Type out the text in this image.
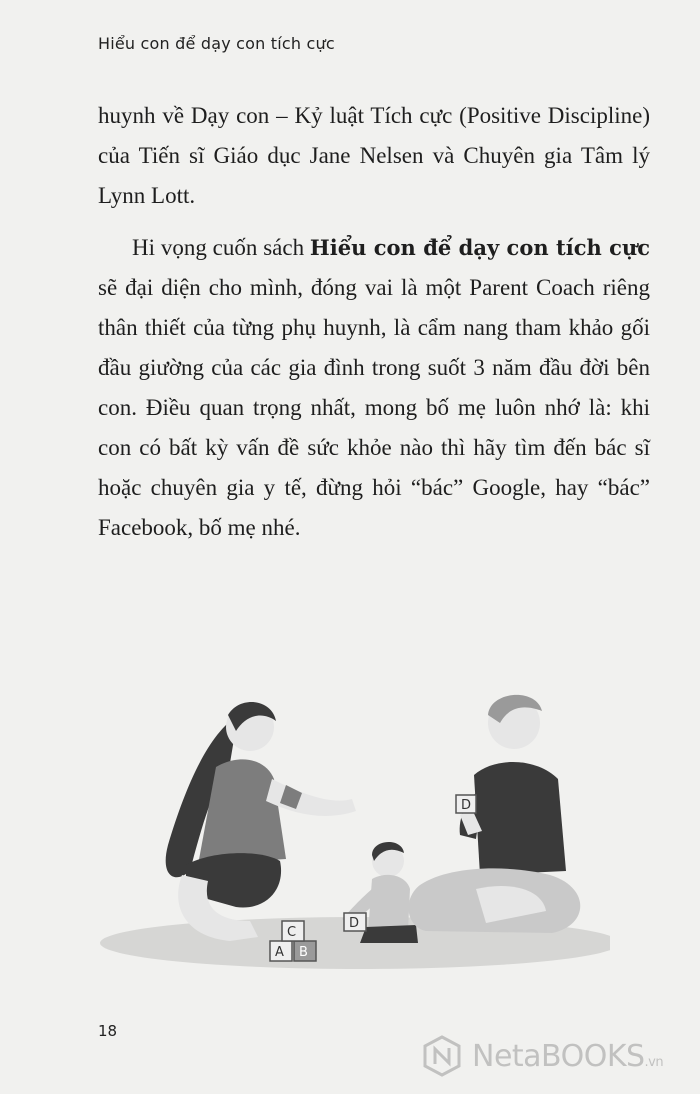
Hiểu con để dạy con tích cực

huynh về Dạy con – Kỷ luật Tích cực (Positive Discipline) của Tiến sĩ Giáo dục Jane Nelsen và Chuyên gia Tâm lý Lynn Lott.

Hi vọng cuốn sách Hiểu con để dạy con tích cực sẽ đại diện cho mình, đóng vai là một Parent Coach riêng thân thiết của từng phụ huynh, là cẩm nang tham khảo gối đầu giường của các gia đình trong suốt 3 năm đầu đời bên con. Điều quan trọng nhất, mong bố mẹ luôn nhớ là: khi con có bất kỳ vấn đề sức khỏe nào thì hãy tìm đến bác sĩ hoặc chuyên gia y tế, đừng hỏi “bác” Google, hay “bác” Facebook, bố mẹ nhé.

D
A B
C
D
18
NetaBOOKS.vn
